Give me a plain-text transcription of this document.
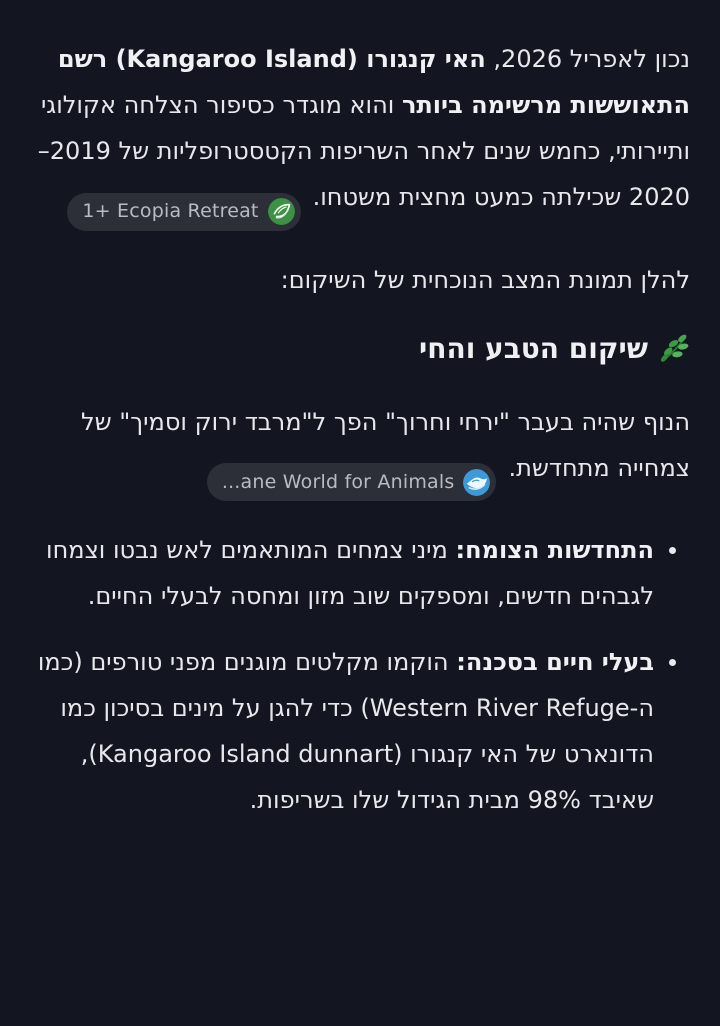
נכון לאפריל 2026, האי קנגורו (Kangaroo Island) רשם התאוששות מרשימה ביותר והוא מוגדר כסיפור הצלחה אקולוגי ותיירותי, כחמש שנים לאחר השריפות הקטסטרופליות של 2019–2020 שכילתה כמעט מחצית משטחו.
1+ Ecopia Retreat

להלן תמונת המצב הנוכחית של השיקום:

שיקום הטבע והחי

הנוף שהיה בעבר "ירחי וחרוך" הפך ל"מרבד ירוק וסמיך" של צמחייה מתחדשת.
...ane World for Animals

התחדשות הצומח: מיני צמחים המותאמים לאש נבטו וצמחו לגבהים חדשים, ומספקים שוב מזון ומחסה לבעלי החיים.
בעלי חיים בסכנה: הוקמו מקלטים מוגנים מפני טורפים (כמו ה-Western River Refuge) כדי להגן על מינים בסיכון כמו הדונארט של האי קנגורו (Kangaroo Island dunnart), שאיבד 98% מבית הגידול שלו בשריפות.
